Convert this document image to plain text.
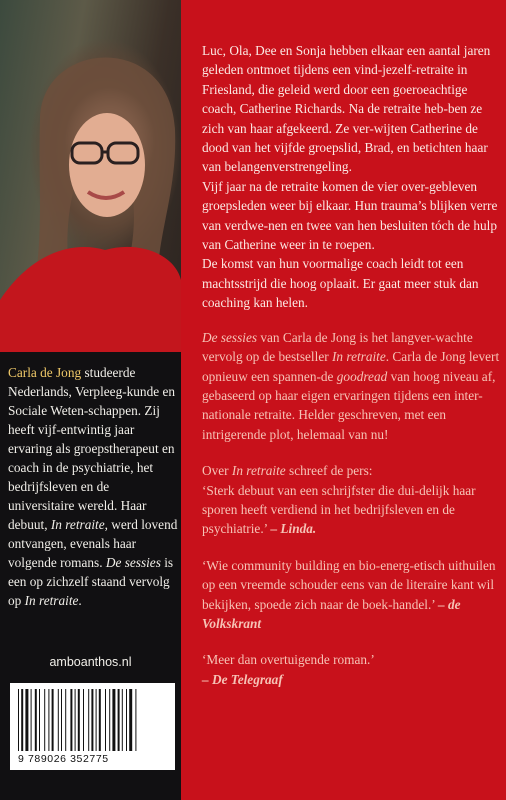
Carla de Jong studeerde Nederlands, Verpleeg-kunde en Sociale Weten-schappen. Zij heeft vijf-entwintig jaar ervaring als groepstherapeut en coach in de psychiatrie, het bedrijfsleven en de universitaire wereld. Haar debuut, In retraite, werd lovend ontvangen, evenals haar volgende romans. De sessies is een op zichzelf staand vervolg op In retraite.
amboanthos.nl
9 789026 352775

Luc, Ola, Dee en Sonja hebben elkaar een aantal jaren geleden ontmoet tijdens een vind-jezelf-retraite in Friesland, die geleid werd door een goeroeachtige coach, Catherine Richards. Na de retraite heb-ben ze zich van haar afgekeerd. Ze ver-wijten Catherine de dood van het vijfde groepslid, Brad, en betichten haar van belangenverstrengeling.

Vijf jaar na de retraite komen de vier over-gebleven groepsleden weer bij elkaar. Hun trauma’s blijken verre van verdwe-nen en twee van hen besluiten tóch de hulp van Catherine weer in te roepen.

De komst van hun voormalige coach leidt tot een machtsstrijd die hoog oplaait. Er gaat meer stuk dan coaching kan helen.

De sessies van Carla de Jong is het langver-wachte vervolg op de bestseller In retraite. Carla de Jong levert opnieuw een spannen-de goodread van hoog niveau af, gebaseerd op haar eigen ervaringen tijdens een inter-nationale retraite. Helder geschreven, met een intrigerende plot, helemaal van nu!

Over In retraite schreef de pers:

‘Sterk debuut van een schrijfster die dui-delijk haar sporen heeft verdiend in het bedrijfsleven en de psychiatrie.’ – Linda.

‘Wie community building en bio-energ-etisch uithuilen op een vreemde schouder eens van de literaire kant wil bekijken, spoede zich naar de boek-handel.’ – de Volkskrant

‘Meer dan overtuigende roman.’
– De Telegraaf
